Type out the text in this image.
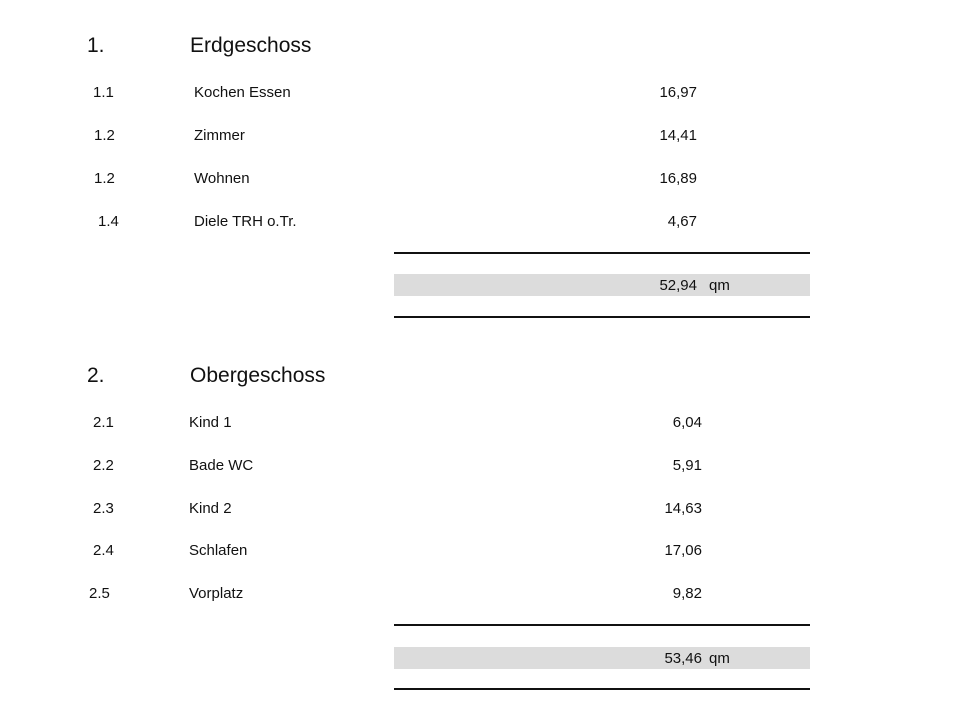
1.	Erdgeschoss
1.1	Kochen Essen	16,97
1.2	Zimmer	14,41
1.2	Wohnen	16,89
1.4	Diele TRH o.Tr.	4,67
52,94 qm
2.	Obergeschoss
2.1	Kind 1	6,04
2.2	Bade WC	5,91
2.3	Kind 2	14,63
2.4	Schlafen	17,06
2.5	Vorplatz	9,82
53,46 qm
